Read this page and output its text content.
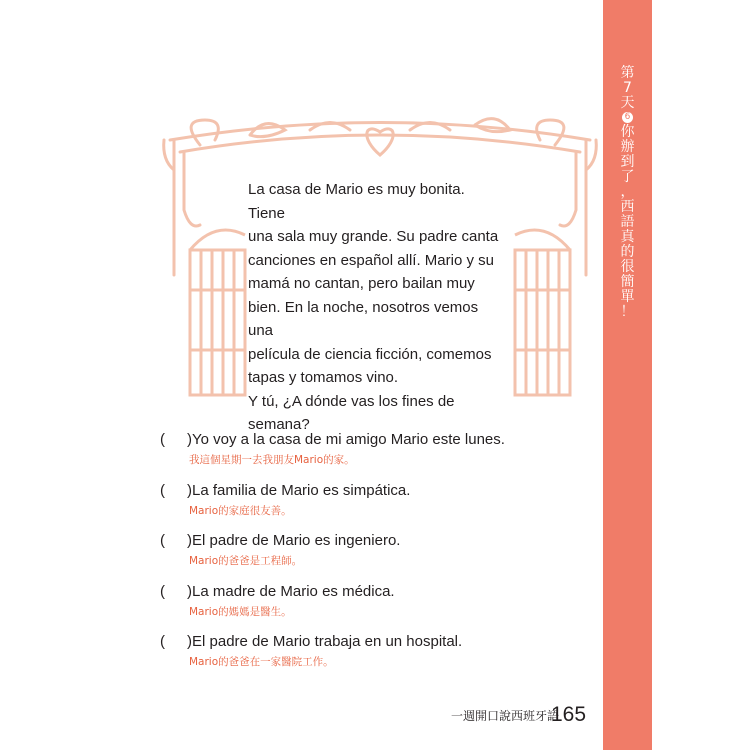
第
7
天
6
你
辦
到
了
，
西
語
真
的
很
簡
單
！

La casa de Mario es muy bonita. Tiene

una sala muy grande. Su padre canta

canciones en español allí. Mario y su

mamá no cantan, pero bailan muy

bien. En la noche, nosotros vemos una

película de ciencia ficción, comemos

tapas y tomamos vino.

Y tú, ¿A dónde vas los fines de

semana?

(	)Yo voy a la casa de mi amigo Mario este lunes.
我這個星期一去我朋友Mario的家。
(	)La familia de Mario es simpática.
Mario的家庭很友善。
(	)El padre de Mario es ingeniero.
Mario的爸爸是工程師。
(	)La madre de Mario es médica.
Mario的媽媽是醫生。
(	)El padre de Mario trabaja en un hospital.
Mario的爸爸在一家醫院工作。
一週開口說西班牙語
165
